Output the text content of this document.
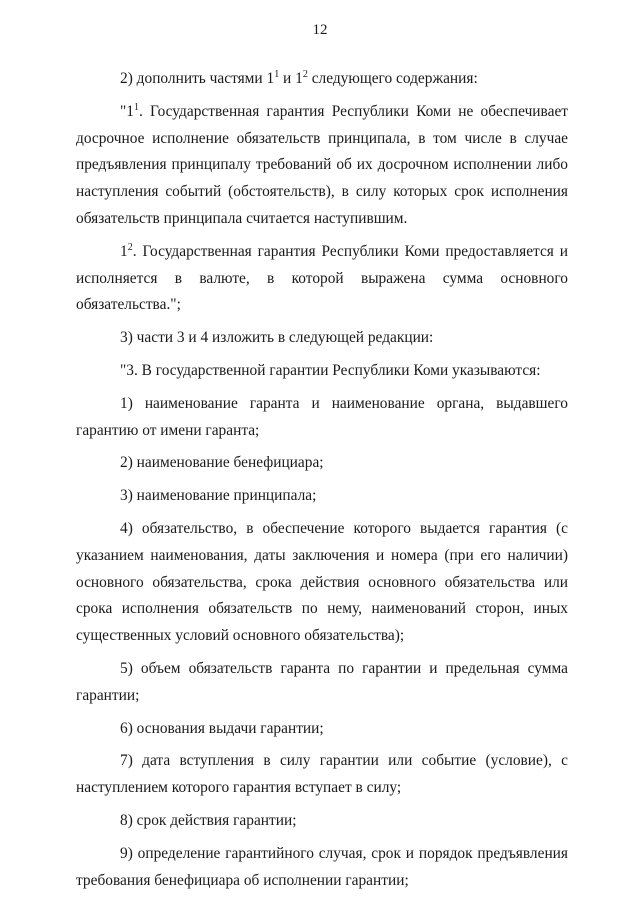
12

2) дополнить частями $1^1$ и $1^2$ следующего содержания:

"$1^1$. Государственная гарантия Республики Коми не обеспечивает досрочное исполнение обязательств принципала, в том числе в случае предъявления принципалу требований об их досрочном исполнении либо наступления событий (обстоятельств), в силу которых срок исполнения обязательств принципала считается наступившим.

$1^2$. Государственная гарантия Республики Коми предоставляется и исполняется в валюте, в которой выражена сумма основного обязательства.";

3) части 3 и 4 изложить в следующей редакции:

"3. В государственной гарантии Республики Коми указываются:

1) наименование гаранта и наименование органа, выдавшего гарантию от имени гаранта;

2) наименование бенефициара;

3) наименование принципала;

4) обязательство, в обеспечение которого выдается гарантия (с указанием наименования, даты заключения и номера (при его наличии) основного обязательства, срока действия основного обязательства или срока исполнения обязательств по нему, наименований сторон, иных существенных условий основного обязательства);

5) объем обязательств гаранта по гарантии и предельная сумма гарантии;

6) основания выдачи гарантии;

7) дата вступления в силу гарантии или событие (условие), с наступлением которого гарантия вступает в силу;

8) срок действия гарантии;

9) определение гарантийного случая, срок и порядок предъявления требования бенефициара об исполнении гарантии;
